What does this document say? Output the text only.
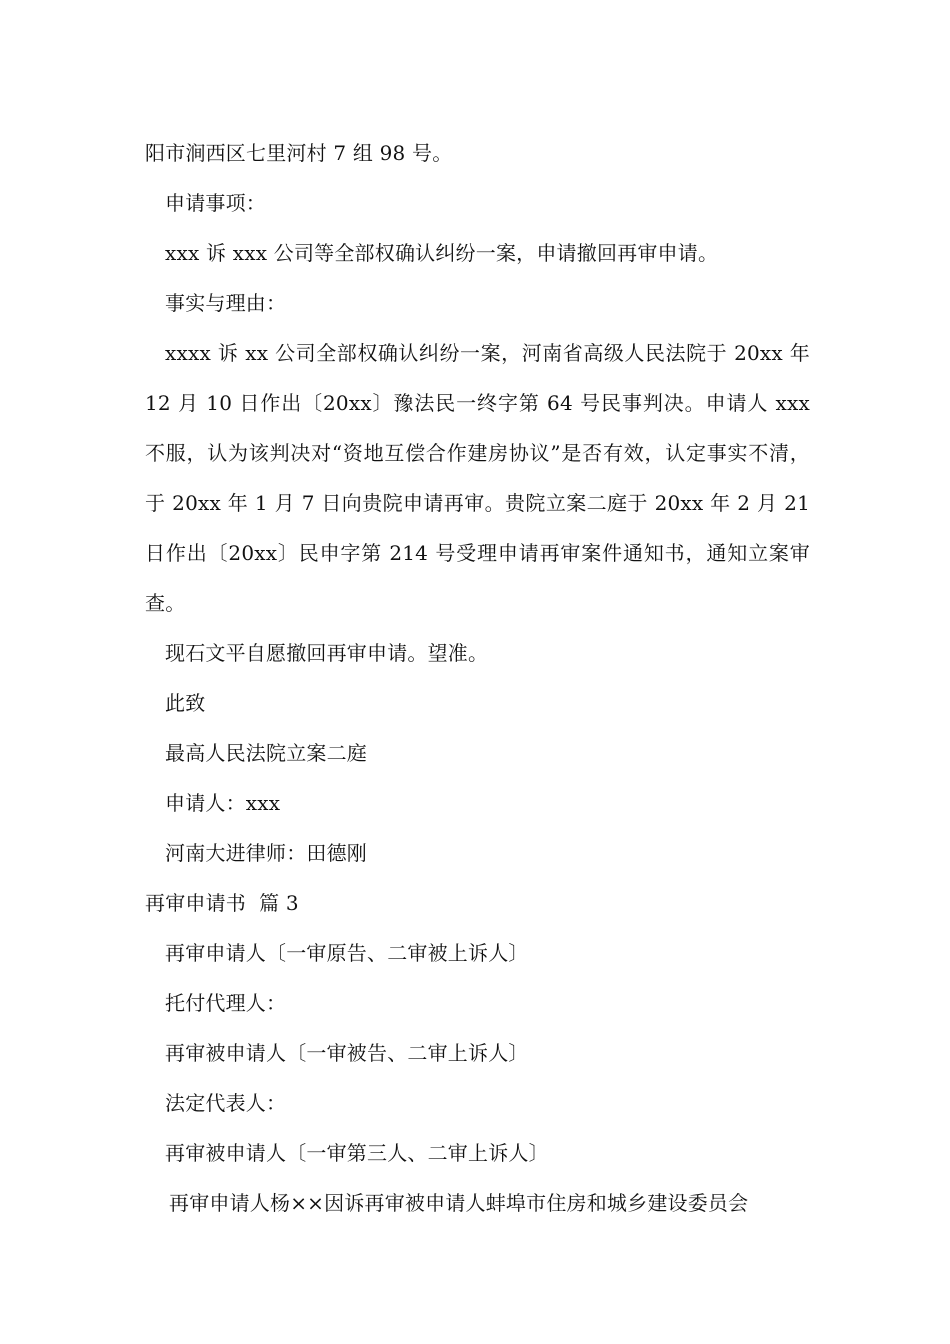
阳市涧西区七里河村 7 组 98 号。
申请事项：
xxx 诉 xxx 公司等全部权确认纠纷一案，申请撤回再审申请。
事实与理由：
xxxx 诉 xx 公司全部权确认纠纷一案，河南省高级人民法院于 20xx 年 12 月 10 日作出〔20xx〕豫法民一终字第 64 号民事判决。申请人 xxx 不服，认为该判决对“资地互偿合作建房协议”是否有效，认定事实不清，于 20xx 年 1 月 7 日向贵院申请再审。贵院立案二庭于 20xx 年 2 月 21 日作出〔20xx〕民申字第 214 号受理申请再审案件通知书，通知立案审查。
现石文平自愿撤回再审申请。望准。
此致
最高人民法院立案二庭
申请人：xxx
河南大进律师：田德刚
再审申请书  篇 3
再审申请人〔一审原告、二审被上诉人〕
托付代理人：
再审被申请人〔一审被告、二审上诉人〕
法定代表人：
再审被申请人〔一审第三人、二审上诉人〕
再审申请人杨××因诉再审被申请人蚌埠市住房和城乡建设委员会
